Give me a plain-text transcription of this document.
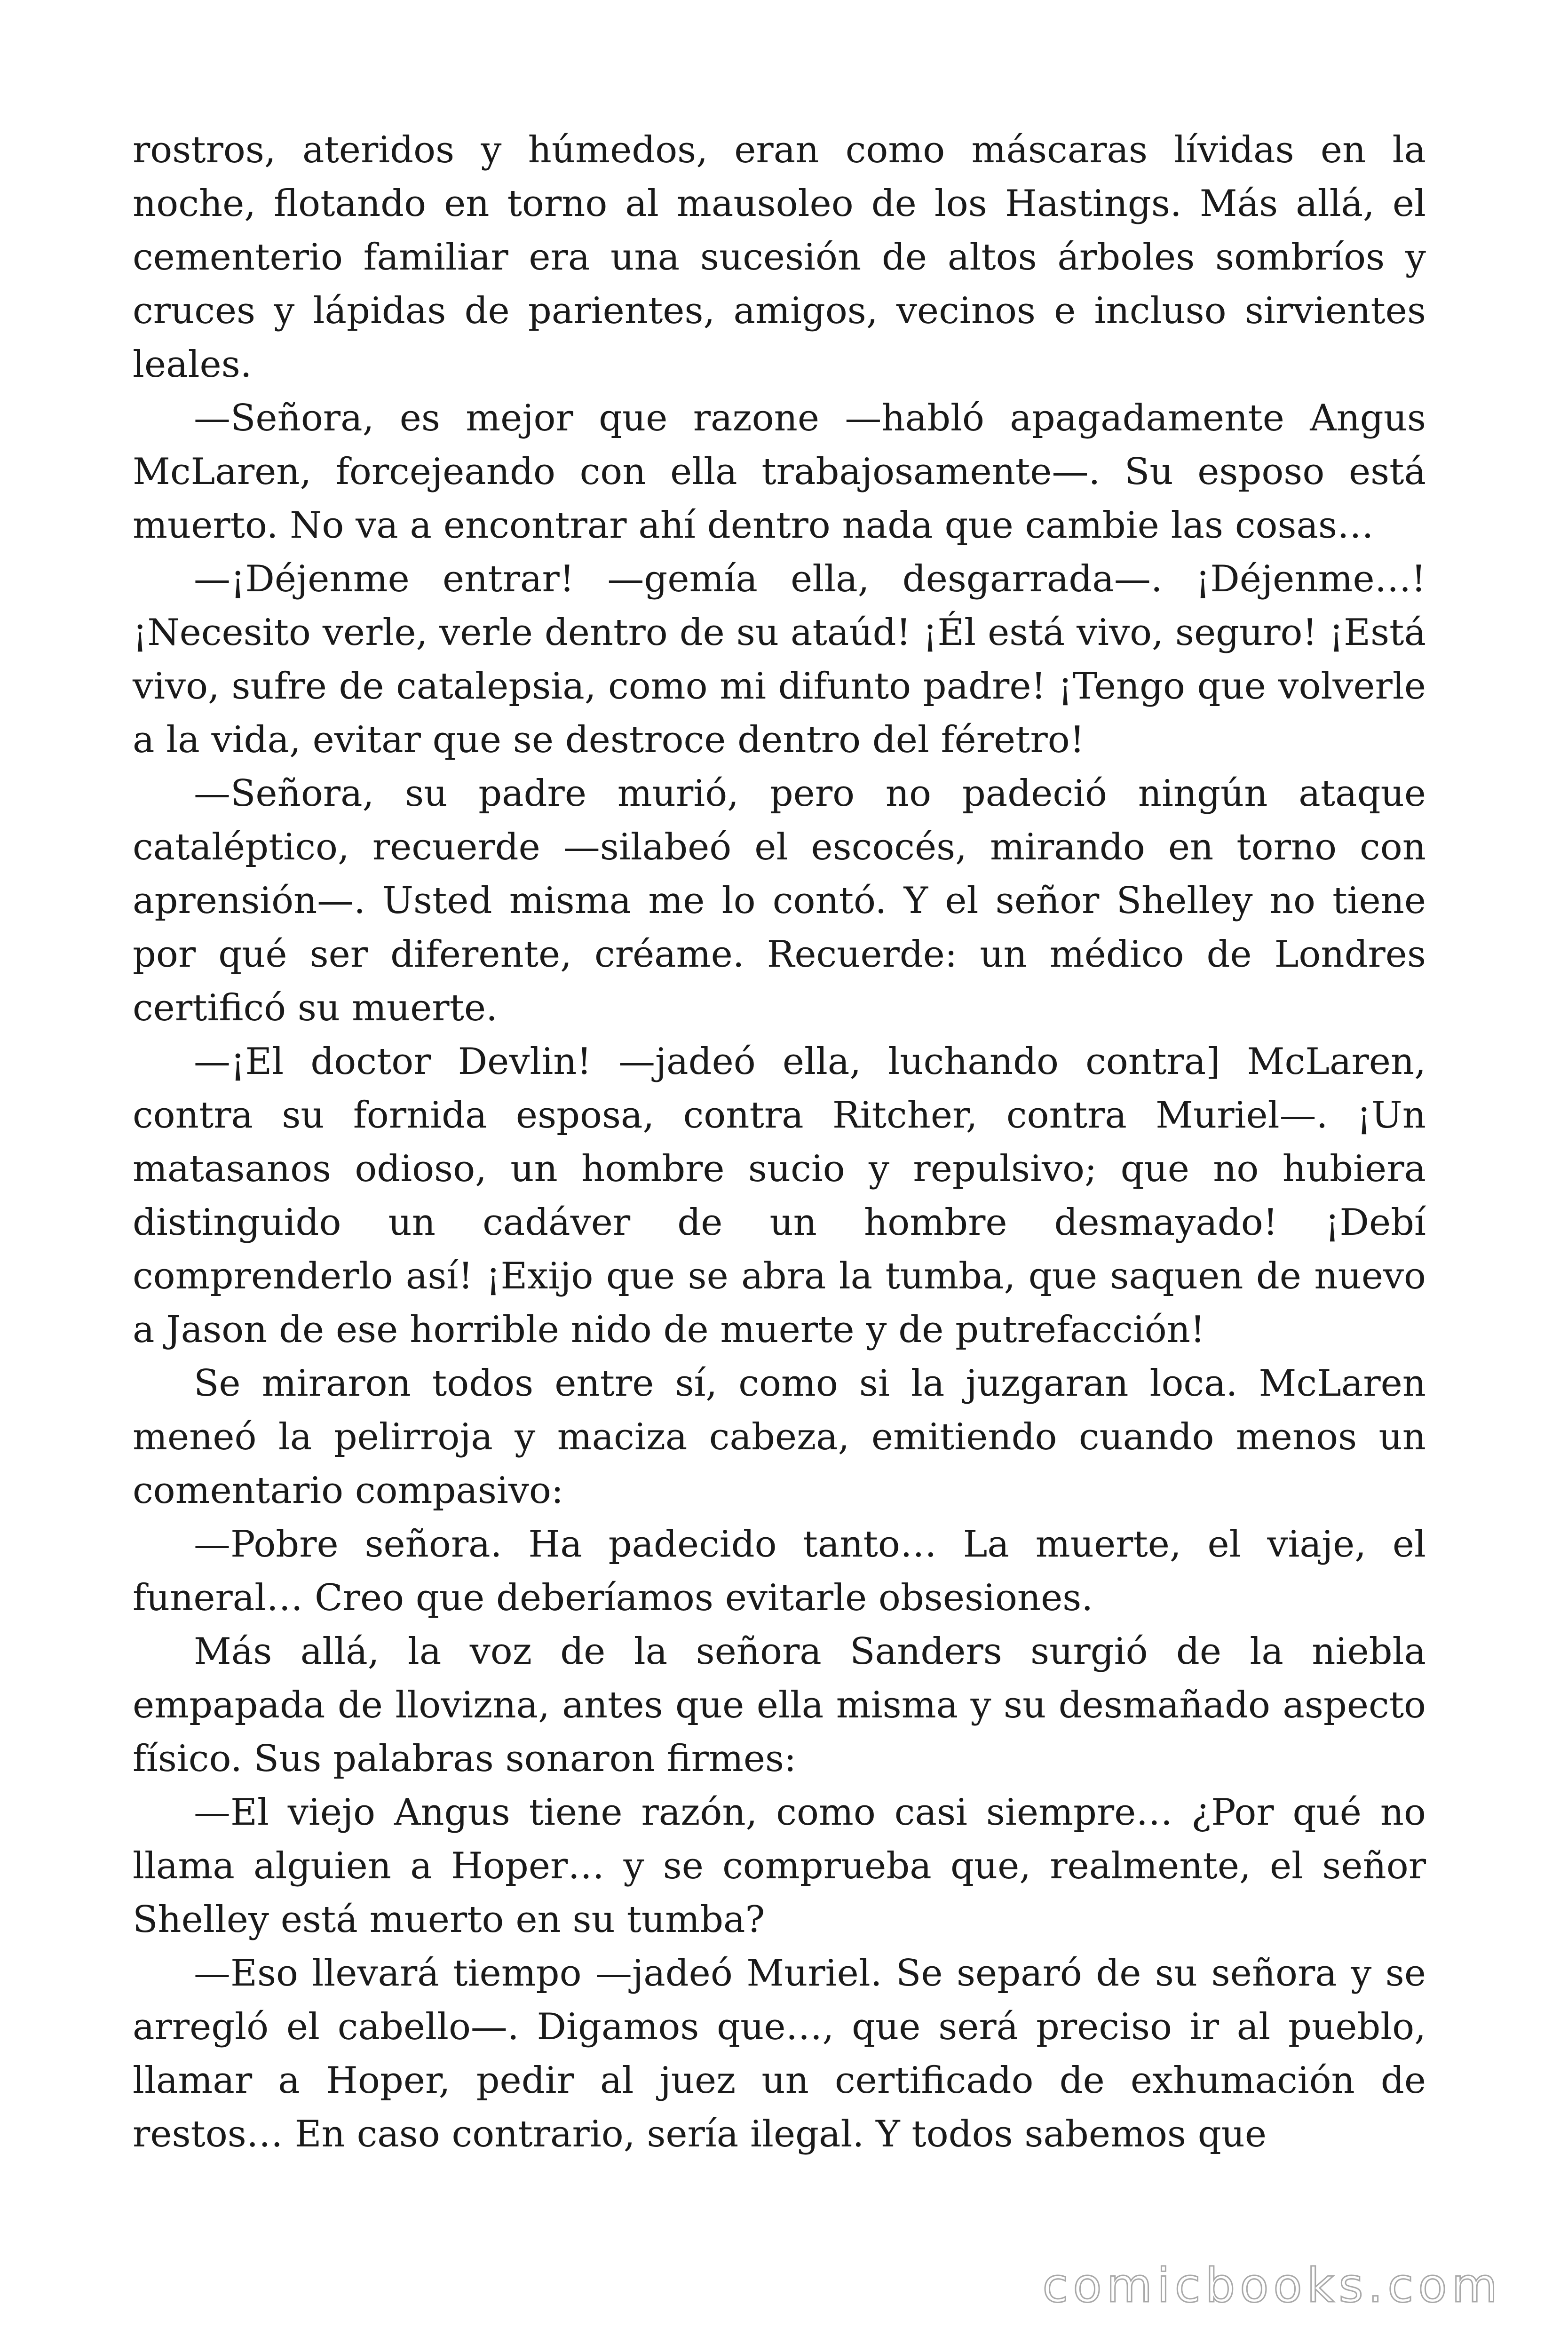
rostros, ateridos y húmedos, eran como máscaras lívidas en la noche, flotando en torno al mausoleo de los Hastings. Más allá, el cementerio familiar era una sucesión de altos árboles sombríos y cruces y lápidas de parientes, amigos, vecinos e incluso sirvientes leales.

—Señora, es mejor que razone —habló apagadamente Angus McLaren, forcejeando con ella trabajosamente—. Su esposo está muerto. No va a encontrar ahí dentro nada que cambie las cosas…

—¡Déjenme entrar! —gemía ella, desgarrada—. ¡Déjenme…! ¡Necesito verle, verle dentro de su ataúd! ¡Él está vivo, seguro! ¡Está vivo, sufre de catalepsia, como mi difunto padre! ¡Tengo que volverle a la vida, evitar que se destroce dentro del féretro!

—Señora, su padre murió, pero no padeció ningún ataque cataléptico, recuerde —silabeó el escocés, mirando en torno con aprensión—. Usted misma me lo contó. Y el señor Shelley no tiene por qué ser diferente, créame. Recuerde: un médico de Londres certificó su muerte.

—¡El doctor Devlin! —jadeó ella, luchando contra] McLaren, contra su fornida esposa, contra Ritcher, contra Muriel—. ¡Un matasanos odioso, un hombre sucio y repulsivo; que no hubiera distinguido un cadáver de un hombre desmayado! ¡Debí comprenderlo así! ¡Exijo que se abra la tumba, que saquen de nuevo a Jason de ese horrible nido de muerte y de putrefacción!

Se miraron todos entre sí, como si la juzgaran loca. McLaren meneó la pelirroja y maciza cabeza, emitiendo cuando menos un comentario compasivo:

—Pobre señora. Ha padecido tanto… La muerte, el viaje, el funeral… Creo que deberíamos evitarle obsesiones.

Más allá, la voz de la señora Sanders surgió de la niebla empapada de llovizna, antes que ella misma y su desmañado aspecto físico. Sus palabras sonaron firmes:

—El viejo Angus tiene razón, como casi siempre… ¿Por qué no llama alguien a Hoper… y se comprueba que, realmente, el señor Shelley está muerto en su tumba?

—Eso llevará tiempo —jadeó Muriel. Se separó de su señora y se arregló el cabello—. Digamos que…, que será preciso ir al pueblo, llamar a Hoper, pedir al juez un certificado de exhumación de restos… En caso contrario, sería ilegal. Y todos sabemos que

comicbooks.com
